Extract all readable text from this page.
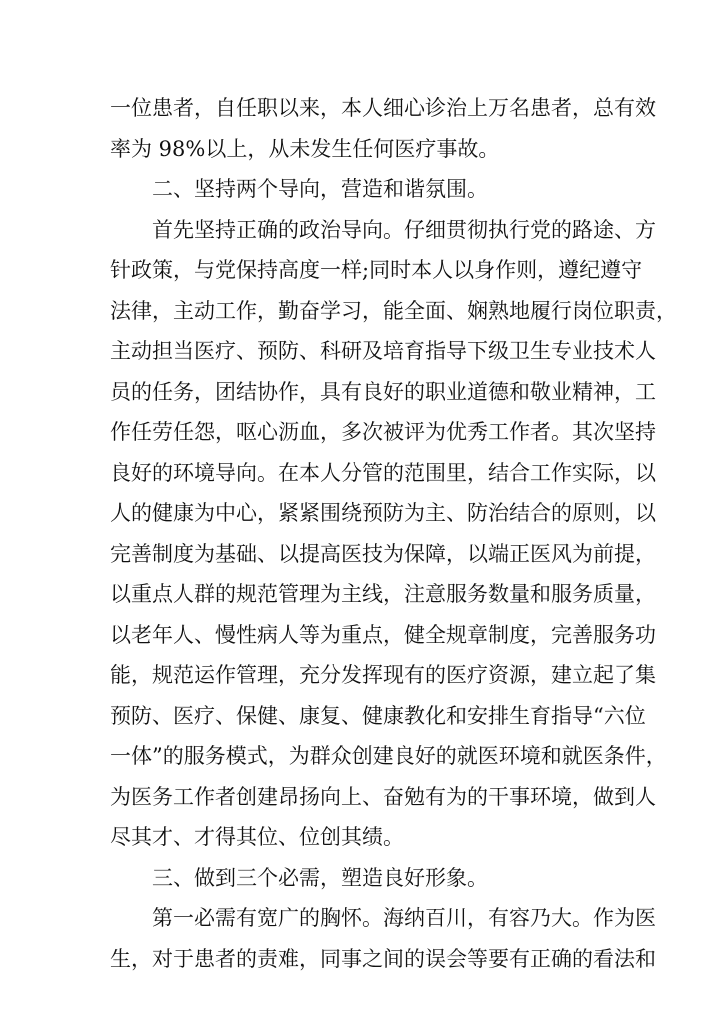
一位患者，自任职以来，本人细心诊治上万名患者，总有效
率为 98%以上，从未发生任何医疗事故。
二、坚持两个导向，营造和谐氛围。
首先坚持正确的政治导向。仔细贯彻执行党的路途、方
针政策，与党保持高度一样;同时本人以身作则，遵纪遵守
法律，主动工作，勤奋学习，能全面、娴熟地履行岗位职责，
主动担当医疗、预防、科研及培育指导下级卫生专业技术人
员的任务，团结协作，具有良好的职业道德和敬业精神，工
作任劳任怨，呕心沥血，多次被评为优秀工作者。其次坚持
良好的环境导向。在本人分管的范围里，结合工作实际，以
人的健康为中心，紧紧围绕预防为主、防治结合的原则，以
完善制度为基础、以提高医技为保障，以端正医风为前提，
以重点人群的规范管理为主线，注意服务数量和服务质量，
以老年人、慢性病人等为重点，健全规章制度，完善服务功
能，规范运作管理，充分发挥现有的医疗资源，建立起了集
预防、医疗、保健、康复、健康教化和安排生育指导“六位
一体”的服务模式，为群众创建良好的就医环境和就医条件，
为医务工作者创建昂扬向上、奋勉有为的干事环境，做到人
尽其才、才得其位、位创其绩。
三、做到三个必需，塑造良好形象。
第一必需有宽广的胸怀。海纳百川，有容乃大。作为医
生，对于患者的责难，同事之间的误会等要有正确的看法和
